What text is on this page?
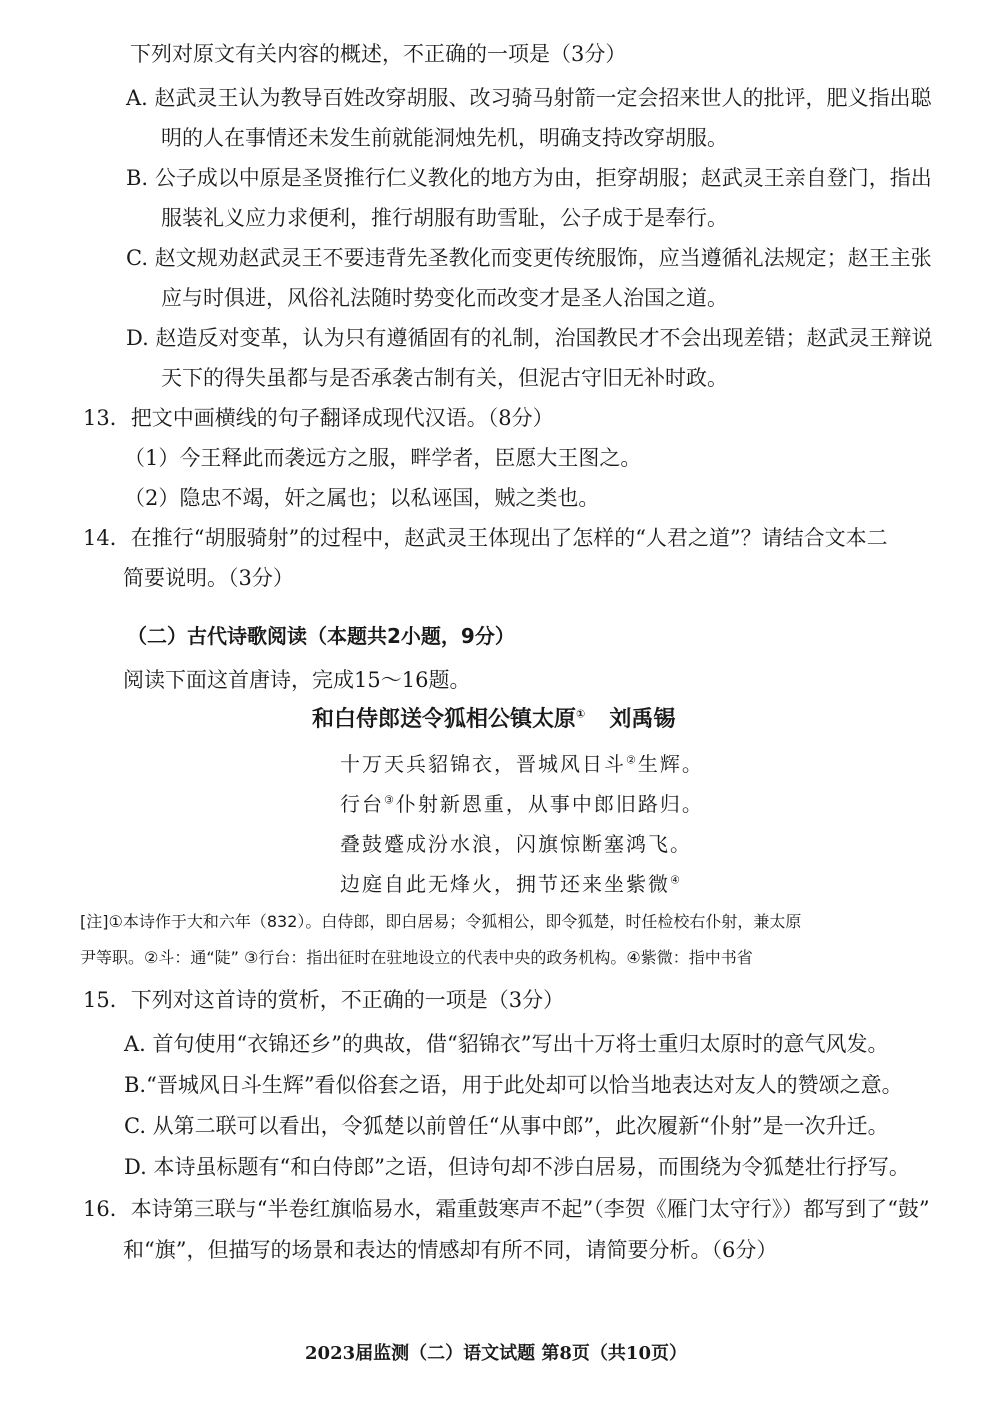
下列对原文有关内容的概述，不正确的一项是（3分）
A. 赵武灵王认为教导百姓改穿胡服、改习骑马射箭一定会招来世人的批评，肥义指出聪
明的人在事情还未发生前就能洞烛先机，明确支持改穿胡服。
B. 公子成以中原是圣贤推行仁义教化的地方为由，拒穿胡服；赵武灵王亲自登门，指出
服装礼义应力求便利，推行胡服有助雪耻，公子成于是奉行。
C. 赵文规劝赵武灵王不要违背先圣教化而变更传统服饰，应当遵循礼法规定；赵王主张
应与时俱进，风俗礼法随时势变化而改变才是圣人治国之道。
D. 赵造反对变革，认为只有遵循固有的礼制，治国教民才不会出现差错；赵武灵王辩说
天下的得失虽都与是否承袭古制有关，但泥古守旧无补时政。
13．把文中画横线的句子翻译成现代汉语。（8分）
（1）今王释此而袭远方之服，畔学者，臣愿大王图之。
（2）隐忠不竭，奸之属也；以私诬国，贼之类也。
14．在推行“胡服骑射”的过程中，赵武灵王体现出了怎样的“人君之道”？请结合文本二
简要说明。（3分）
（二）古代诗歌阅读（本题共2小题，9分）
阅读下面这首唐诗，完成15～16题。
和白侍郎送令狐相公镇太原① 刘禹锡
十万天兵貂锦衣，晋城风日斗②生辉。
行台③仆射新恩重，从事中郎旧路归。
叠鼓蹙成汾水浪，闪旗惊断塞鸿飞。
边庭自此无烽火，拥节还来坐紫微④
[注]①本诗作于大和六年（832）。白侍郎，即白居易；令狐相公，即令狐楚，时任检校右仆射，兼太原
尹等职。②斗：通“陡” ③行台：指出征时在驻地设立的代表中央的政务机构。④紫微：指中书省
15．下列对这首诗的赏析，不正确的一项是（3分）
A. 首句使用“衣锦还乡”的典故，借“貂锦衣”写出十万将士重归太原时的意气风发。
B.“晋城风日斗生辉”看似俗套之语，用于此处却可以恰当地表达对友人的赞颂之意。
C. 从第二联可以看出，令狐楚以前曾任“从事中郎”，此次履新“仆射”是一次升迁。
D. 本诗虽标题有“和白侍郎”之语，但诗句却不涉白居易，而围绕为令狐楚壮行抒写。
16．本诗第三联与“半卷红旗临易水，霜重鼓寒声不起”（李贺《雁门太守行》）都写到了“鼓”
和“旗”，但描写的场景和表达的情感却有所不同，请简要分析。（6分）
2023届监测（二）语文试题 第8页（共10页）
